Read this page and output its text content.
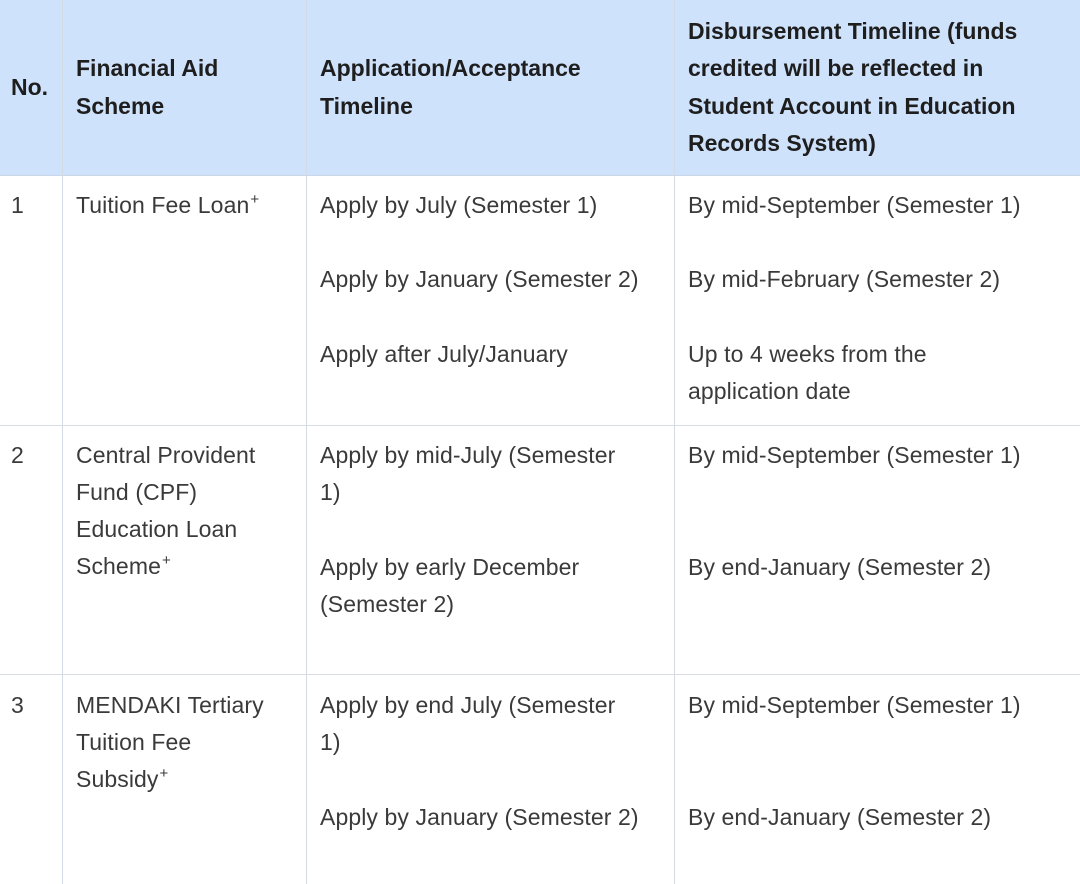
No.
Financial Aid
Scheme
Application/Acceptance
Timeline
Disbursement Timeline (funds
credited will be reflected in
Student Account in Education
Records System)
1 Tuition Fee Loan+	Apply by July (Semester 1)
Apply by January (Semester 2)
Apply after July/January
By mid-September (Semester 1)
By mid-February (Semester 2)
Up to 4 weeks from the
application date
2 Central Provident
Fund (CPF)
Education Loan
Scheme+
Apply by mid-July (Semester
1)
Apply by early December
(Semester 2)
By mid-September (Semester 1)
By end-January (Semester 2)
3 MENDAKI Tertiary
Tuition Fee
Subsidy+
Apply by end July (Semester
1)
Apply by January (Semester 2)
By mid-September (Semester 1)
By end-January (Semester 2)
